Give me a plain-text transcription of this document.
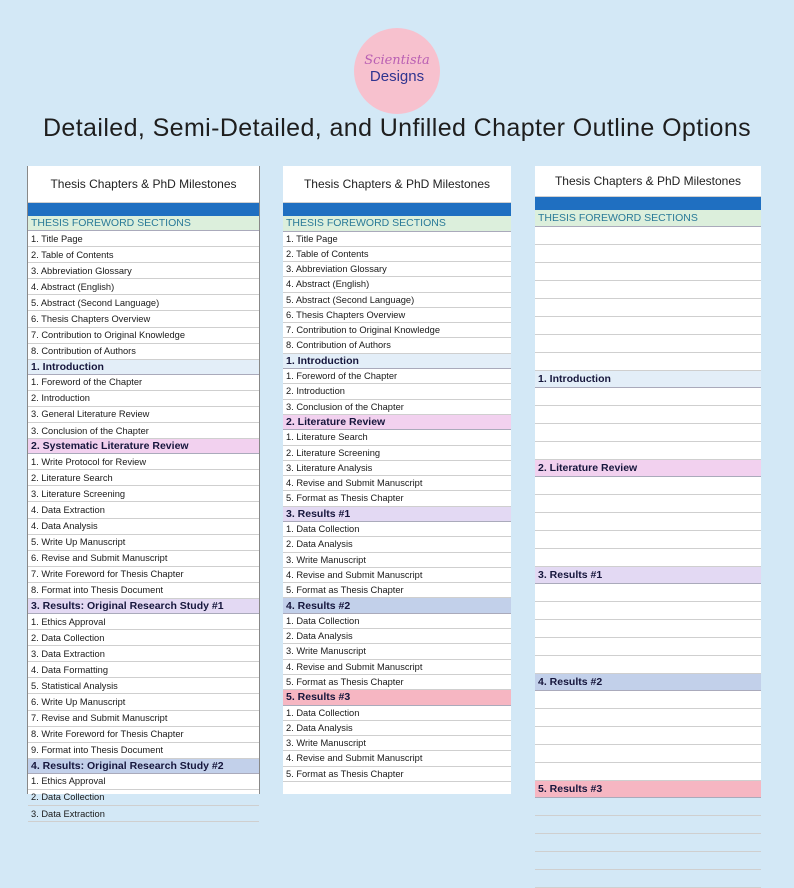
Scientista
Designs
Detailed, Semi-Detailed, and Unfilled Chapter Outline Options
Thesis Chapters & PhD Milestones
THESIS FOREWORD SECTIONS
1. Title Page
2. Table of Contents
3. Abbreviation Glossary
4. Abstract (English)
5. Abstract (Second Language)
6. Thesis Chapters Overview
7. Contribution to Original Knowledge
8. Contribution of Authors
1. Introduction
1. Foreword of the Chapter
2. Introduction
3. General Literature Review
3. Conclusion of the Chapter
2. Systematic Literature Review
1. Write Protocol for Review
2. Literature Search
3. Literature Screening
4. Data Extraction
4. Data Analysis
5. Write Up Manuscript
6. Revise and Submit Manuscript
7. Write Foreword for Thesis Chapter
8. Format into Thesis Document
3. Results: Original Research Study #1
1. Ethics Approval
2. Data Collection
3. Data Extraction
4. Data Formatting
5. Statistical Analysis
6. Write Up Manuscript
7. Revise and Submit Manuscript
8. Write Foreword for Thesis Chapter
9. Format into Thesis Document
4. Results: Original Research Study #2
1. Ethics Approval
2. Data Collection
3. Data Extraction
Thesis Chapters & PhD Milestones
THESIS FOREWORD SECTIONS
1. Title Page
2. Table of Contents
3. Abbreviation Glossary
4. Abstract (English)
5. Abstract (Second Language)
6. Thesis Chapters Overview
7. Contribution to Original Knowledge
8. Contribution of Authors
1. Introduction
1. Foreword of the Chapter
2. Introduction
3. Conclusion of the Chapter
2. Literature Review
1. Literature Search
2. Literature Screening
3. Literature Analysis
4. Revise and Submit Manuscript
5. Format as Thesis Chapter
3. Results #1
1. Data Collection
2. Data Analysis
3. Write Manuscript
4. Revise and Submit Manuscript
5. Format as Thesis Chapter
4. Results #2
1. Data Collection
2. Data Analysis
3. Write Manuscript
4. Revise and Submit Manuscript
5. Format as Thesis Chapter
5. Results #3
1. Data Collection
2. Data Analysis
3. Write Manuscript
4. Revise and Submit Manuscript
5. Format as Thesis Chapter
Thesis Chapters & PhD Milestones
THESIS FOREWORD SECTIONS
1. Introduction
2. Literature Review
3. Results #1
4. Results #2
5. Results #3
